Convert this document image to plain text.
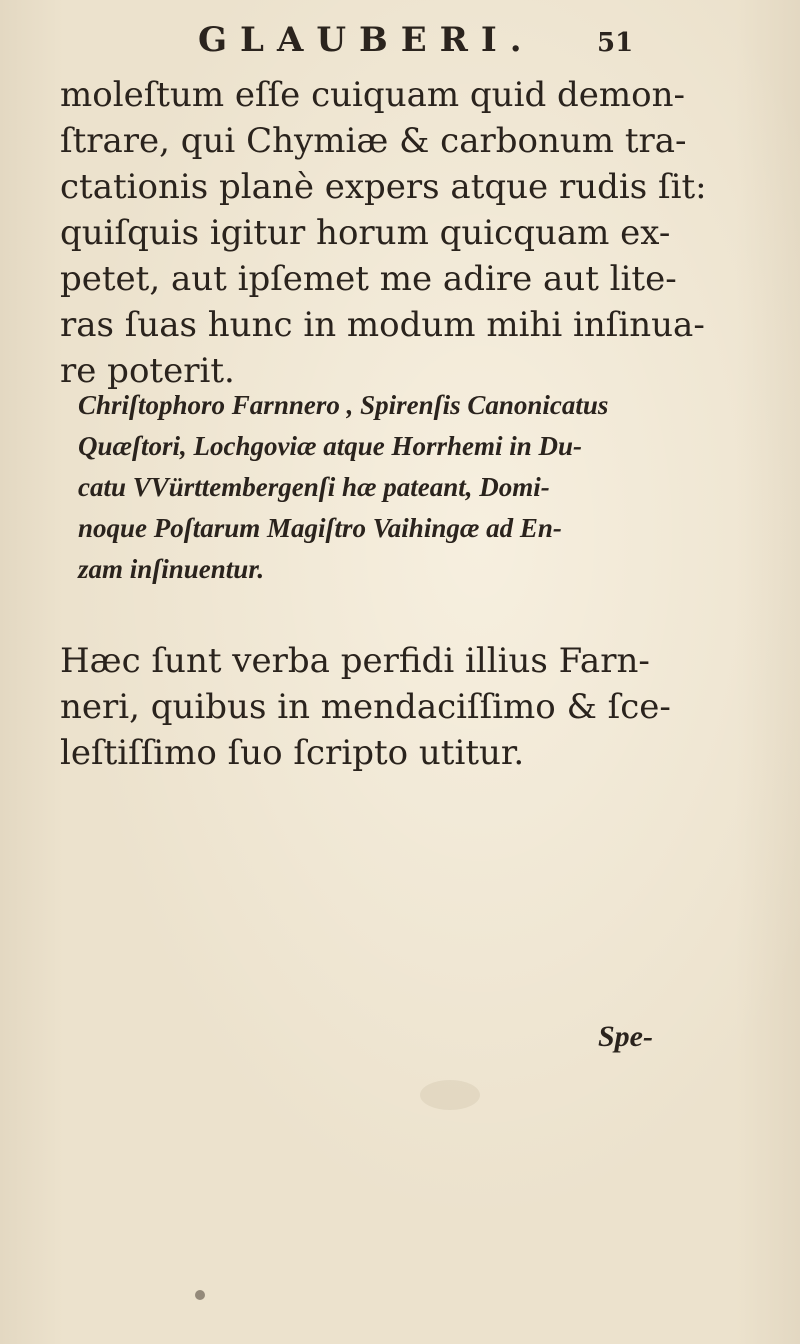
GLAUBERI. 51
moleſtum eſſe cuiquam quid demon-
ſtrare, qui Chymiæ & carbonum tra-
ctationis planè expers atque rudis ſit:
quiſquis igitur horum quicquam ex-
petet, aut ipſemet me adire aut lite-
ras ſuas hunc in modum mihi inſinua-
re poterit.
Chriſtophoro Farnnero , Spirenſis Canonicatus
Quæſtori, Lochgoviæ atque Horrhemi in Du-
catu VVürttembergenſi hæ pateant, Domi-
noque Poſtarum Magiſtro Vaihingæ ad En-
zam inſinuentur.
Hæc ſunt verba perfidi illius Farn-
neri, quibus in mendaciſſimo & ſce-
leſtiſſimo ſuo ſcripto utitur.
Spe-
